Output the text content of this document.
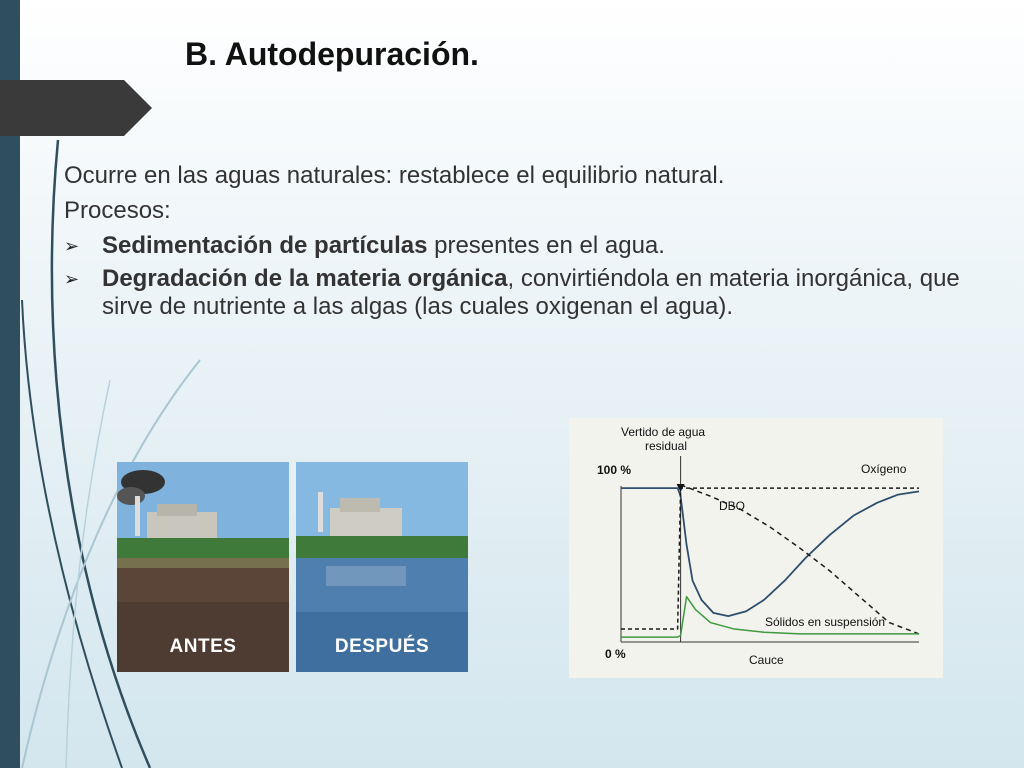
B. Autodepuración.

Ocurre en las aguas naturales: restablece el equilibrio natural.

Procesos:

➢ Sedimentación de partículas presentes en el agua.
➢ Degradación de la materia orgánica, convirtiéndola en materia inorgánica, que sirve de nutriente a las algas (las cuales oxigenan el agua).
ANTES	DESPUÉS
Vertido de agua
residual
100 %
0 %	Cauce
Oxígeno
DBO
Sólidos en suspensión
